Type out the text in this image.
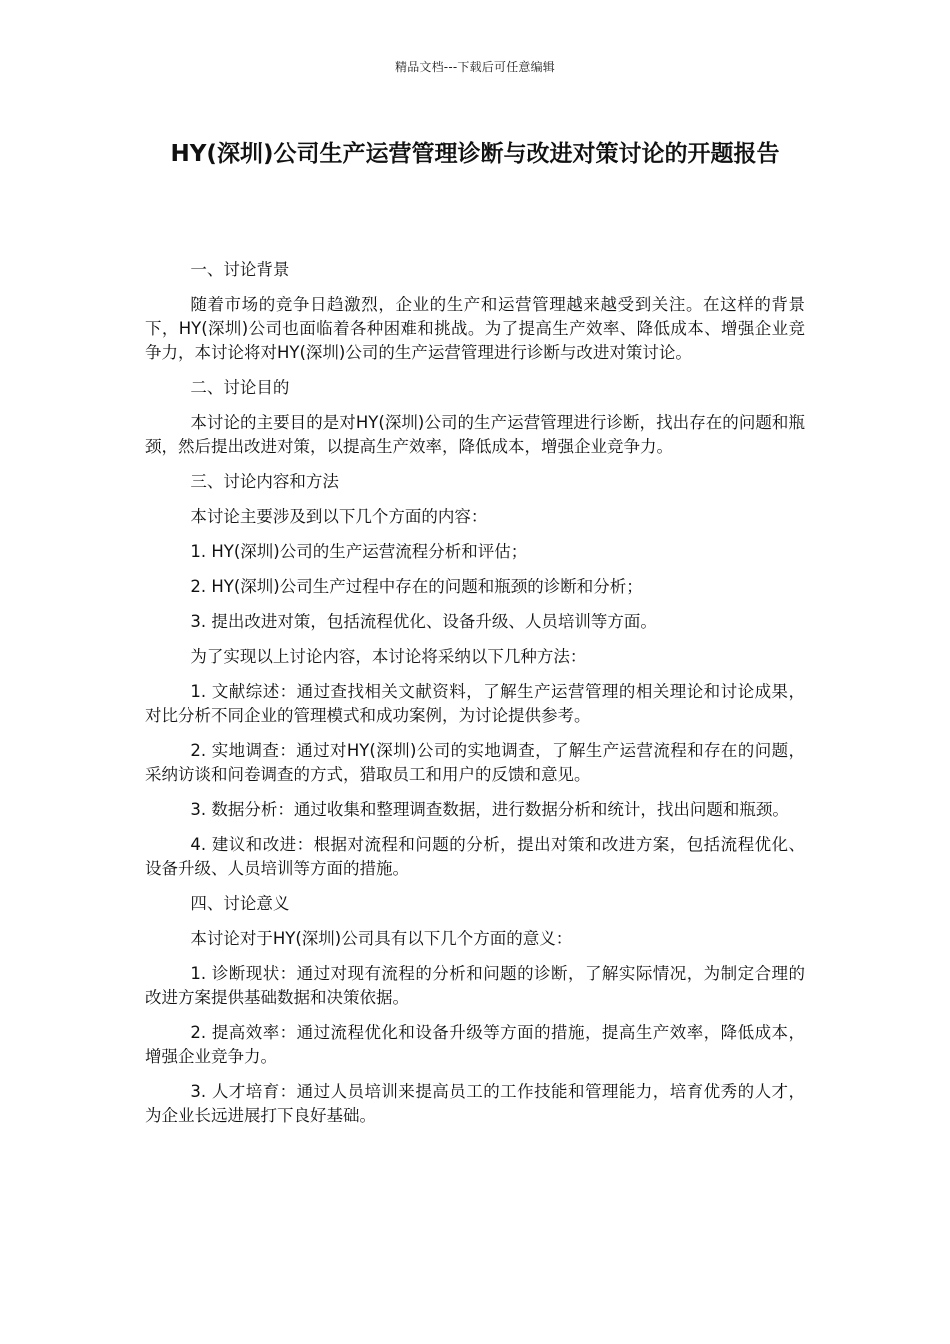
精品文档---下载后可任意编辑
HY(深圳)公司生产运营管理诊断与改进对策讨论的开题报告

一、讨论背景

随着市场的竞争日趋激烈，企业的生产和运营管理越来越受到关注。在这样的背景下，HY(深圳)公司也面临着各种困难和挑战。为了提高生产效率、降低成本、增强企业竞争力，本讨论将对HY(深圳)公司的生产运营管理进行诊断与改进对策讨论。

二、讨论目的

本讨论的主要目的是对HY(深圳)公司的生产运营管理进行诊断，找出存在的问题和瓶颈，然后提出改进对策，以提高生产效率，降低成本，增强企业竞争力。

三、讨论内容和方法

本讨论主要涉及到以下几个方面的内容：

1. HY(深圳)公司的生产运营流程分析和评估；

2. HY(深圳)公司生产过程中存在的问题和瓶颈的诊断和分析；

3. 提出改进对策，包括流程优化、设备升级、人员培训等方面。

为了实现以上讨论内容，本讨论将采纳以下几种方法：

1. 文献综述：通过查找相关文献资料，了解生产运营管理的相关理论和讨论成果，对比分析不同企业的管理模式和成功案例，为讨论提供参考。

2. 实地调查：通过对HY(深圳)公司的实地调查，了解生产运营流程和存在的问题，采纳访谈和问卷调查的方式，猎取员工和用户的反馈和意见。

3. 数据分析：通过收集和整理调查数据，进行数据分析和统计，找出问题和瓶颈。

4. 建议和改进：根据对流程和问题的分析，提出对策和改进方案，包括流程优化、设备升级、人员培训等方面的措施。

四、讨论意义

本讨论对于HY(深圳)公司具有以下几个方面的意义：

1. 诊断现状：通过对现有流程的分析和问题的诊断，了解实际情况，为制定合理的改进方案提供基础数据和决策依据。

2. 提高效率：通过流程优化和设备升级等方面的措施，提高生产效率，降低成本，增强企业竞争力。

3. 人才培育：通过人员培训来提高员工的工作技能和管理能力，培育优秀的人才，为企业长远进展打下良好基础。
